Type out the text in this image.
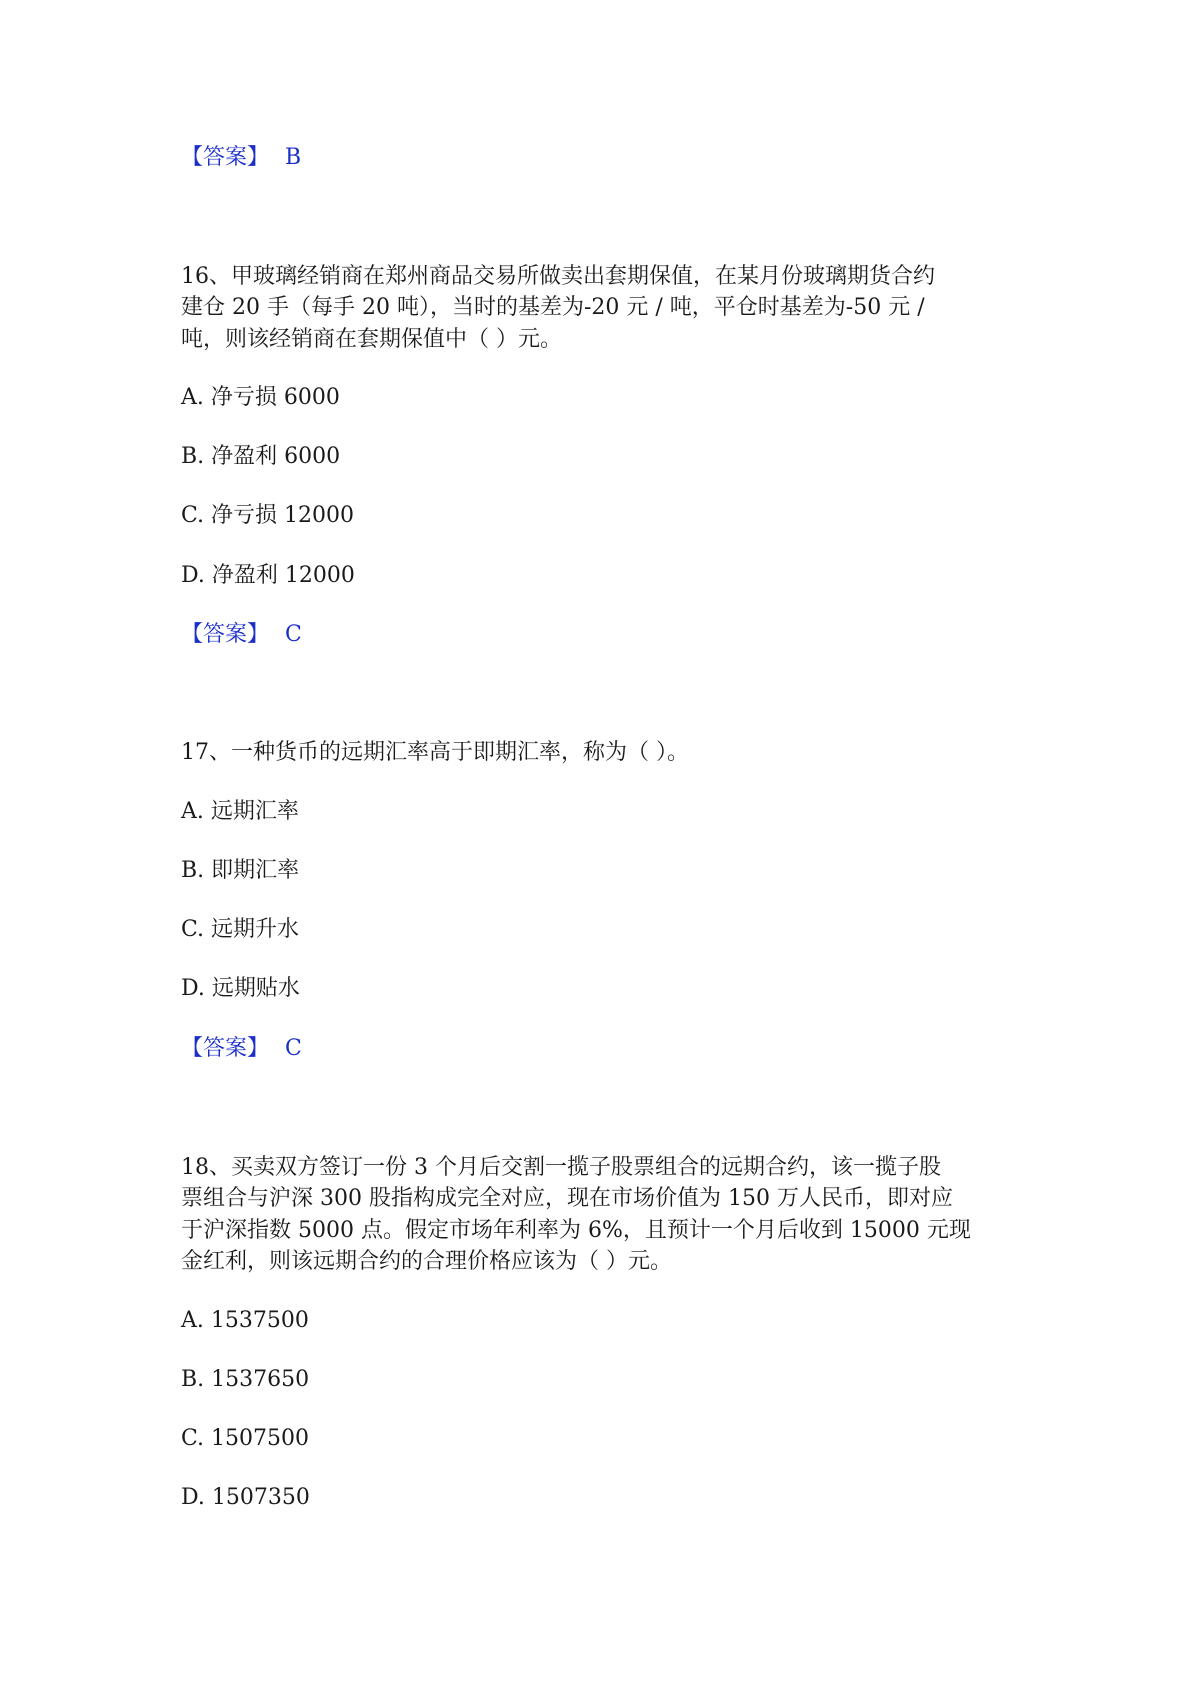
【答案】 B
16、甲玻璃经销商在郑州商品交易所做卖出套期保值，在某月份玻璃期货合约
建仓 20 手（每手 20 吨），当时的基差为-20 元 / 吨，平仓时基差为-50 元 /
吨，则该经销商在套期保值中（ ）元。
A. 净亏损 6000
B. 净盈利 6000
C. 净亏损 12000
D. 净盈利 12000
【答案】 C
17、一种货币的远期汇率高于即期汇率，称为（ ）。
A. 远期汇率
B. 即期汇率
C. 远期升水
D. 远期贴水
【答案】 C
18、买卖双方签订一份 3 个月后交割一揽子股票组合的远期合约，该一揽子股
票组合与沪深 300 股指构成完全对应，现在市场价值为 150 万人民币，即对应
于沪深指数 5000 点。假定市场年利率为 6%，且预计一个月后收到 15000 元现
金红利，则该远期合约的合理价格应该为（ ）元。
A. 1537500
B. 1537650
C. 1507500
D. 1507350
